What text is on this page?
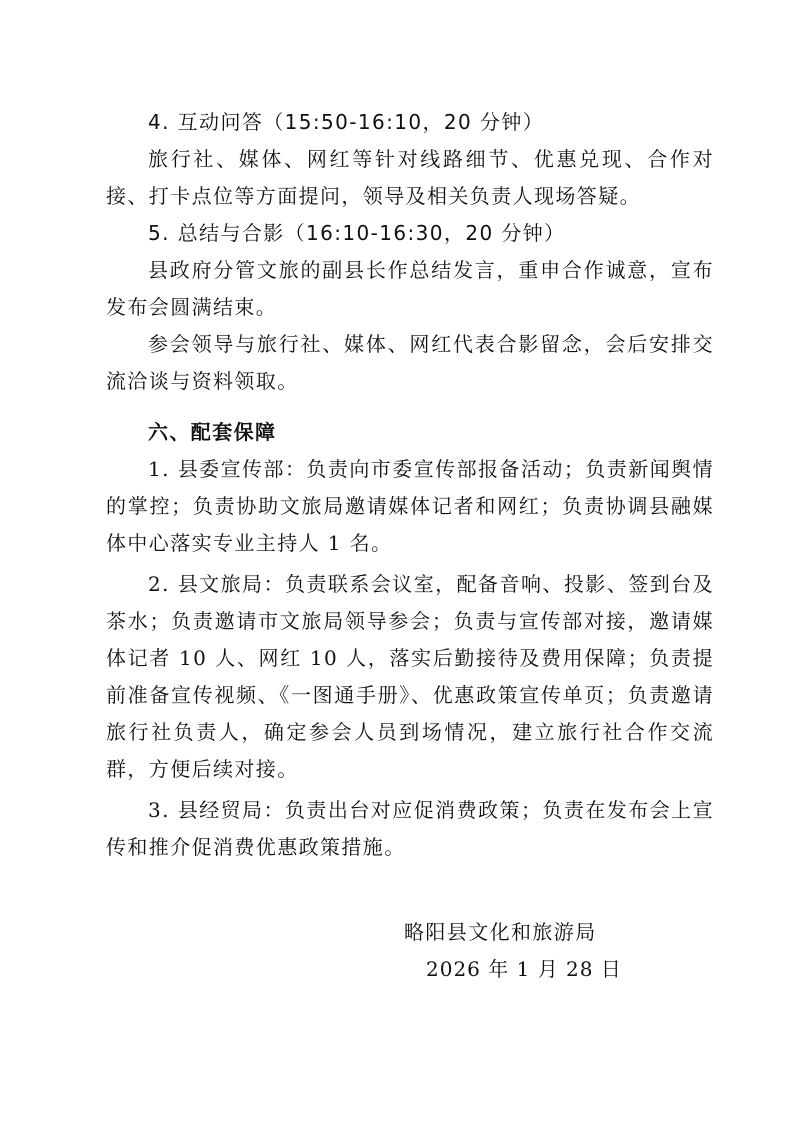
4. 互动问答（15:50-16:10，20 分钟）

旅行社、媒体、网红等针对线路细节、优惠兑现、合作对接、打卡点位等方面提问，领导及相关负责人现场答疑。

5. 总结与合影（16:10-16:30，20 分钟）

县政府分管文旅的副县长作总结发言，重申合作诚意，宣布发布会圆满结束。

参会领导与旅行社、媒体、网红代表合影留念，会后安排交流洽谈与资料领取。

六、配套保障

1. 县委宣传部：负责向市委宣传部报备活动；负责新闻舆情的掌控；负责协助文旅局邀请媒体记者和网红；负责协调县融媒体中心落实专业主持人 1 名。

2. 县文旅局：负责联系会议室，配备音响、投影、签到台及茶水；负责邀请市文旅局领导参会；负责与宣传部对接，邀请媒体记者 10 人、网红 10 人，落实后勤接待及费用保障；负责提前准备宣传视频、《一图通手册》、优惠政策宣传单页；负责邀请旅行社负责人，确定参会人员到场情况，建立旅行社合作交流群，方便后续对接。

3. 县经贸局：负责出台对应促消费政策；负责在发布会上宣传和推介促消费优惠政策措施。

略阳县文化和旅游局
2026 年 1 月 28 日
